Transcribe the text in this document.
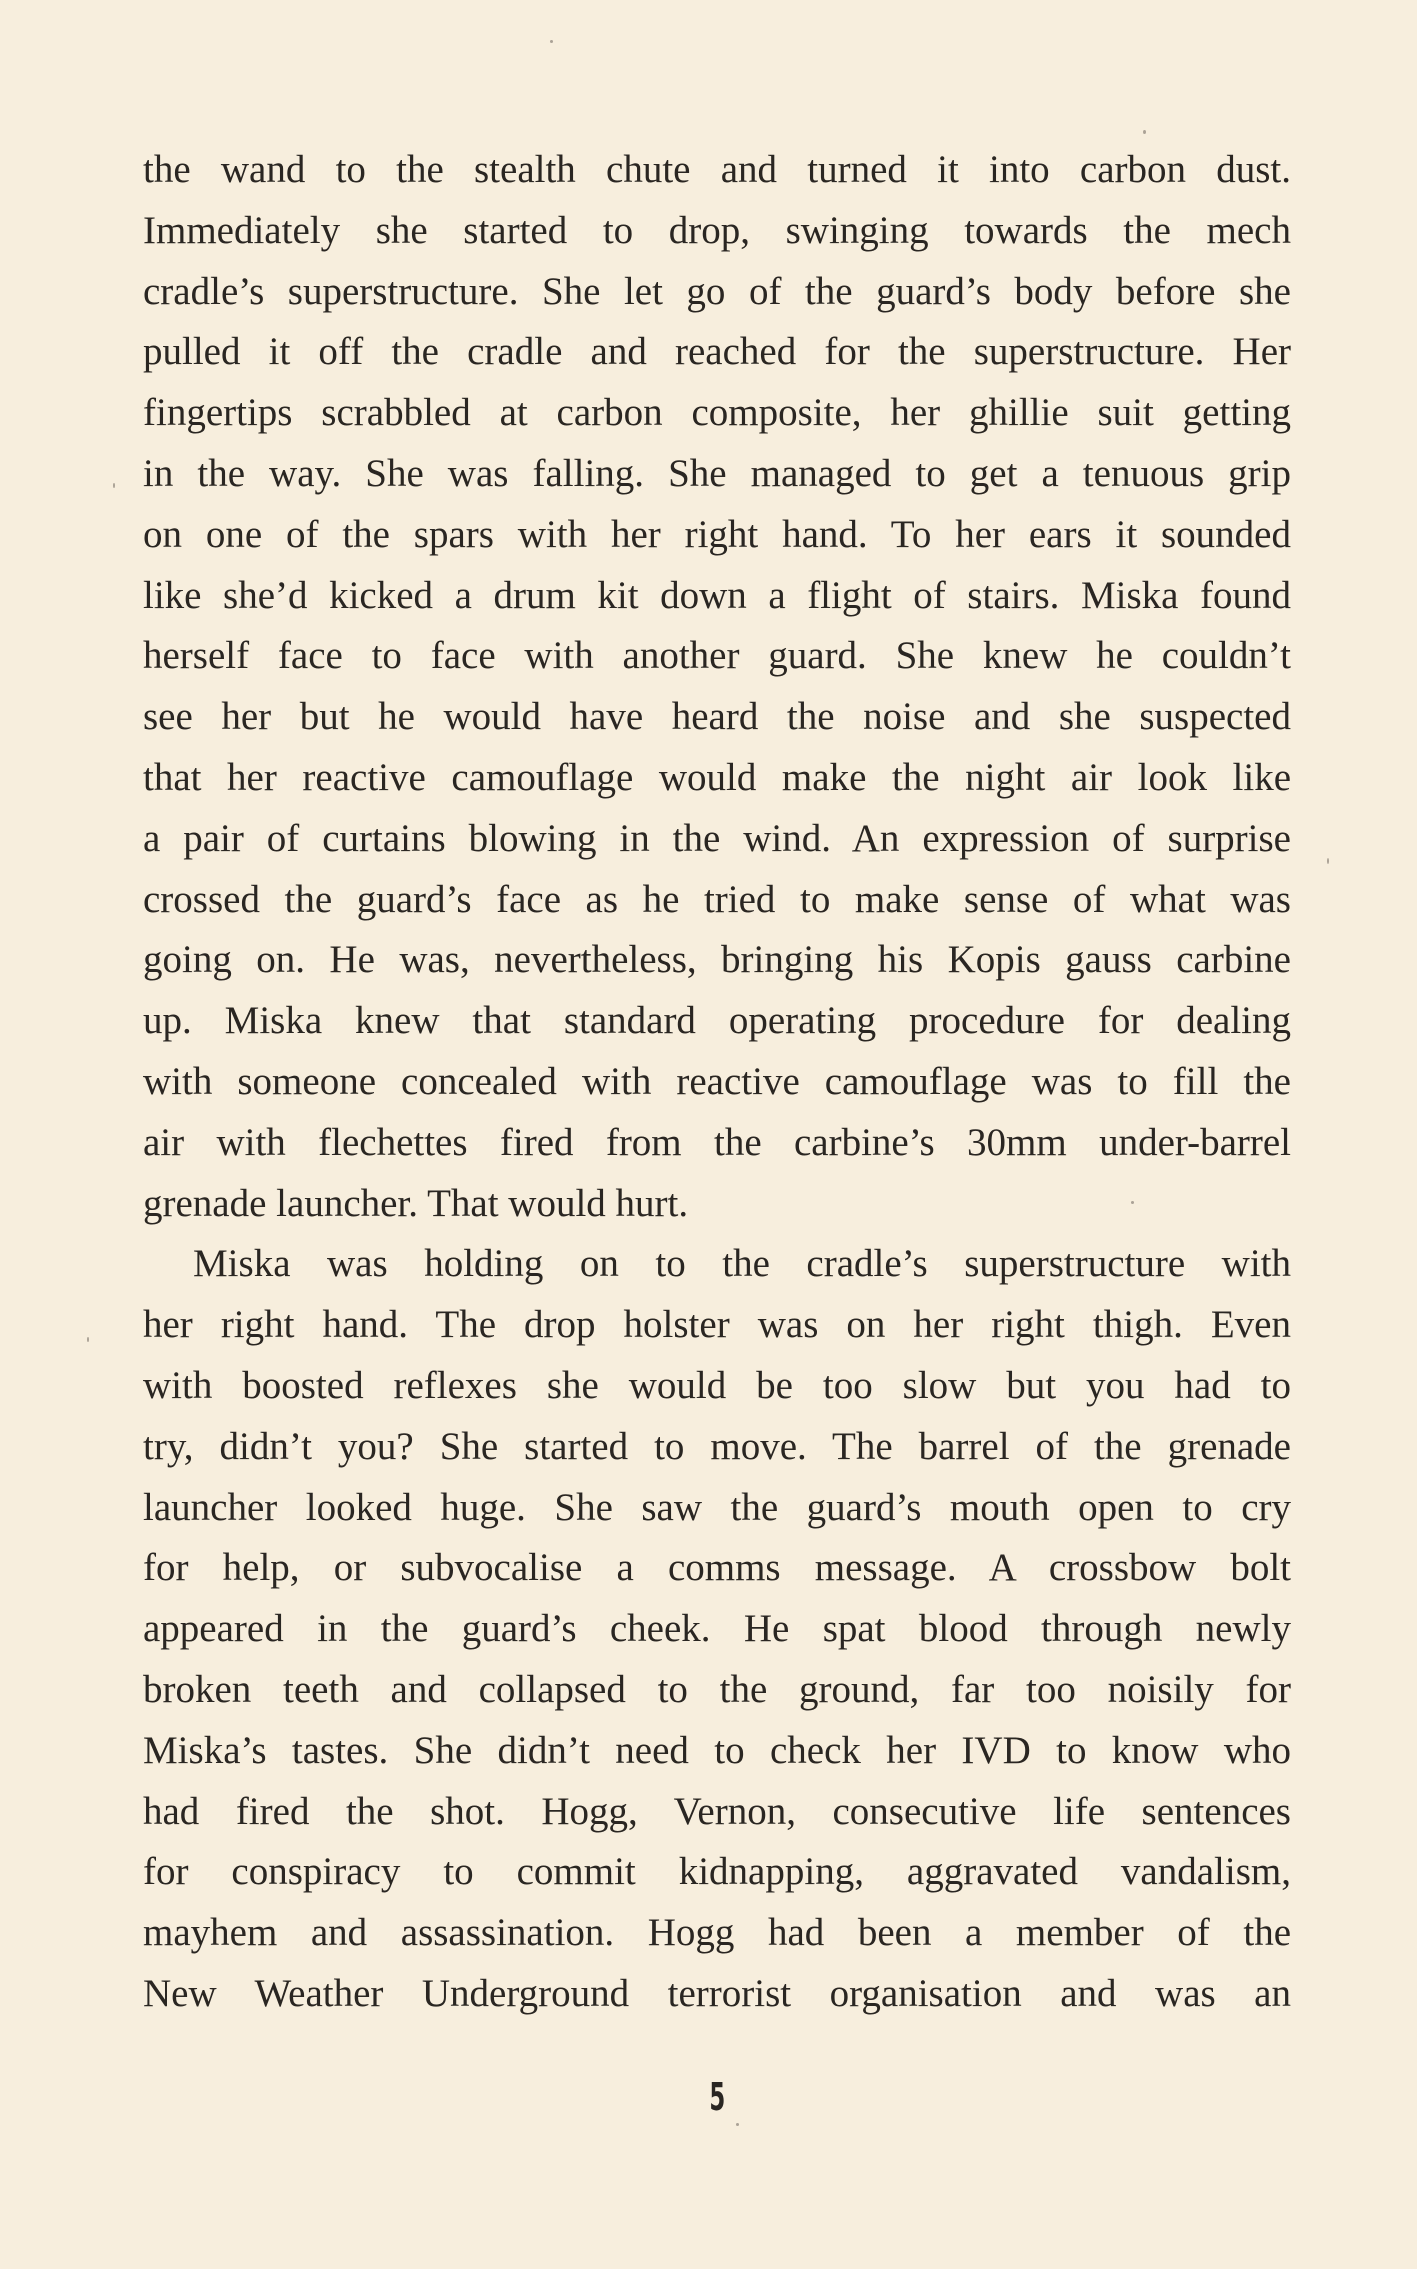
the wand to the stealth chute and turned it into carbon dust.
Immediately she started to drop, swinging towards the mech
cradle’s superstructure. She let go of the guard’s body before she
pulled it off the cradle and reached for the superstructure. Her
fingertips scrabbled at carbon composite, her ghillie suit getting
in the way. She was falling. She managed to get a tenuous grip
on one of the spars with her right hand. To her ears it sounded
like she’d kicked a drum kit down a flight of stairs. Miska found
herself face to face with another guard. She knew he couldn’t
see her but he would have heard the noise and she suspected
that her reactive camouflage would make the night air look like
a pair of curtains blowing in the wind. An expression of surprise
crossed the guard’s face as he tried to make sense of what was
going on. He was, nevertheless, bringing his Kopis gauss carbine
up. Miska knew that standard operating procedure for dealing
with someone concealed with reactive camouflage was to fill the
air with flechettes fired from the carbine’s 30mm under-barrel
grenade launcher. That would hurt.
Miska was holding on to the cradle’s superstructure with
her right hand. The drop holster was on her right thigh. Even
with boosted reflexes she would be too slow but you had to
try, didn’t you? She started to move. The barrel of the grenade
launcher looked huge. She saw the guard’s mouth open to cry
for help, or subvocalise a comms message. A crossbow bolt
appeared in the guard’s cheek. He spat blood through newly
broken teeth and collapsed to the ground, far too noisily for
Miska’s tastes. She didn’t need to check her IVD to know who
had fired the shot. Hogg, Vernon, consecutive life sentences
for conspiracy to commit kidnapping, aggravated vandalism,
mayhem and assassination. Hogg had been a member of the
New Weather Underground terrorist organisation and was an
5
